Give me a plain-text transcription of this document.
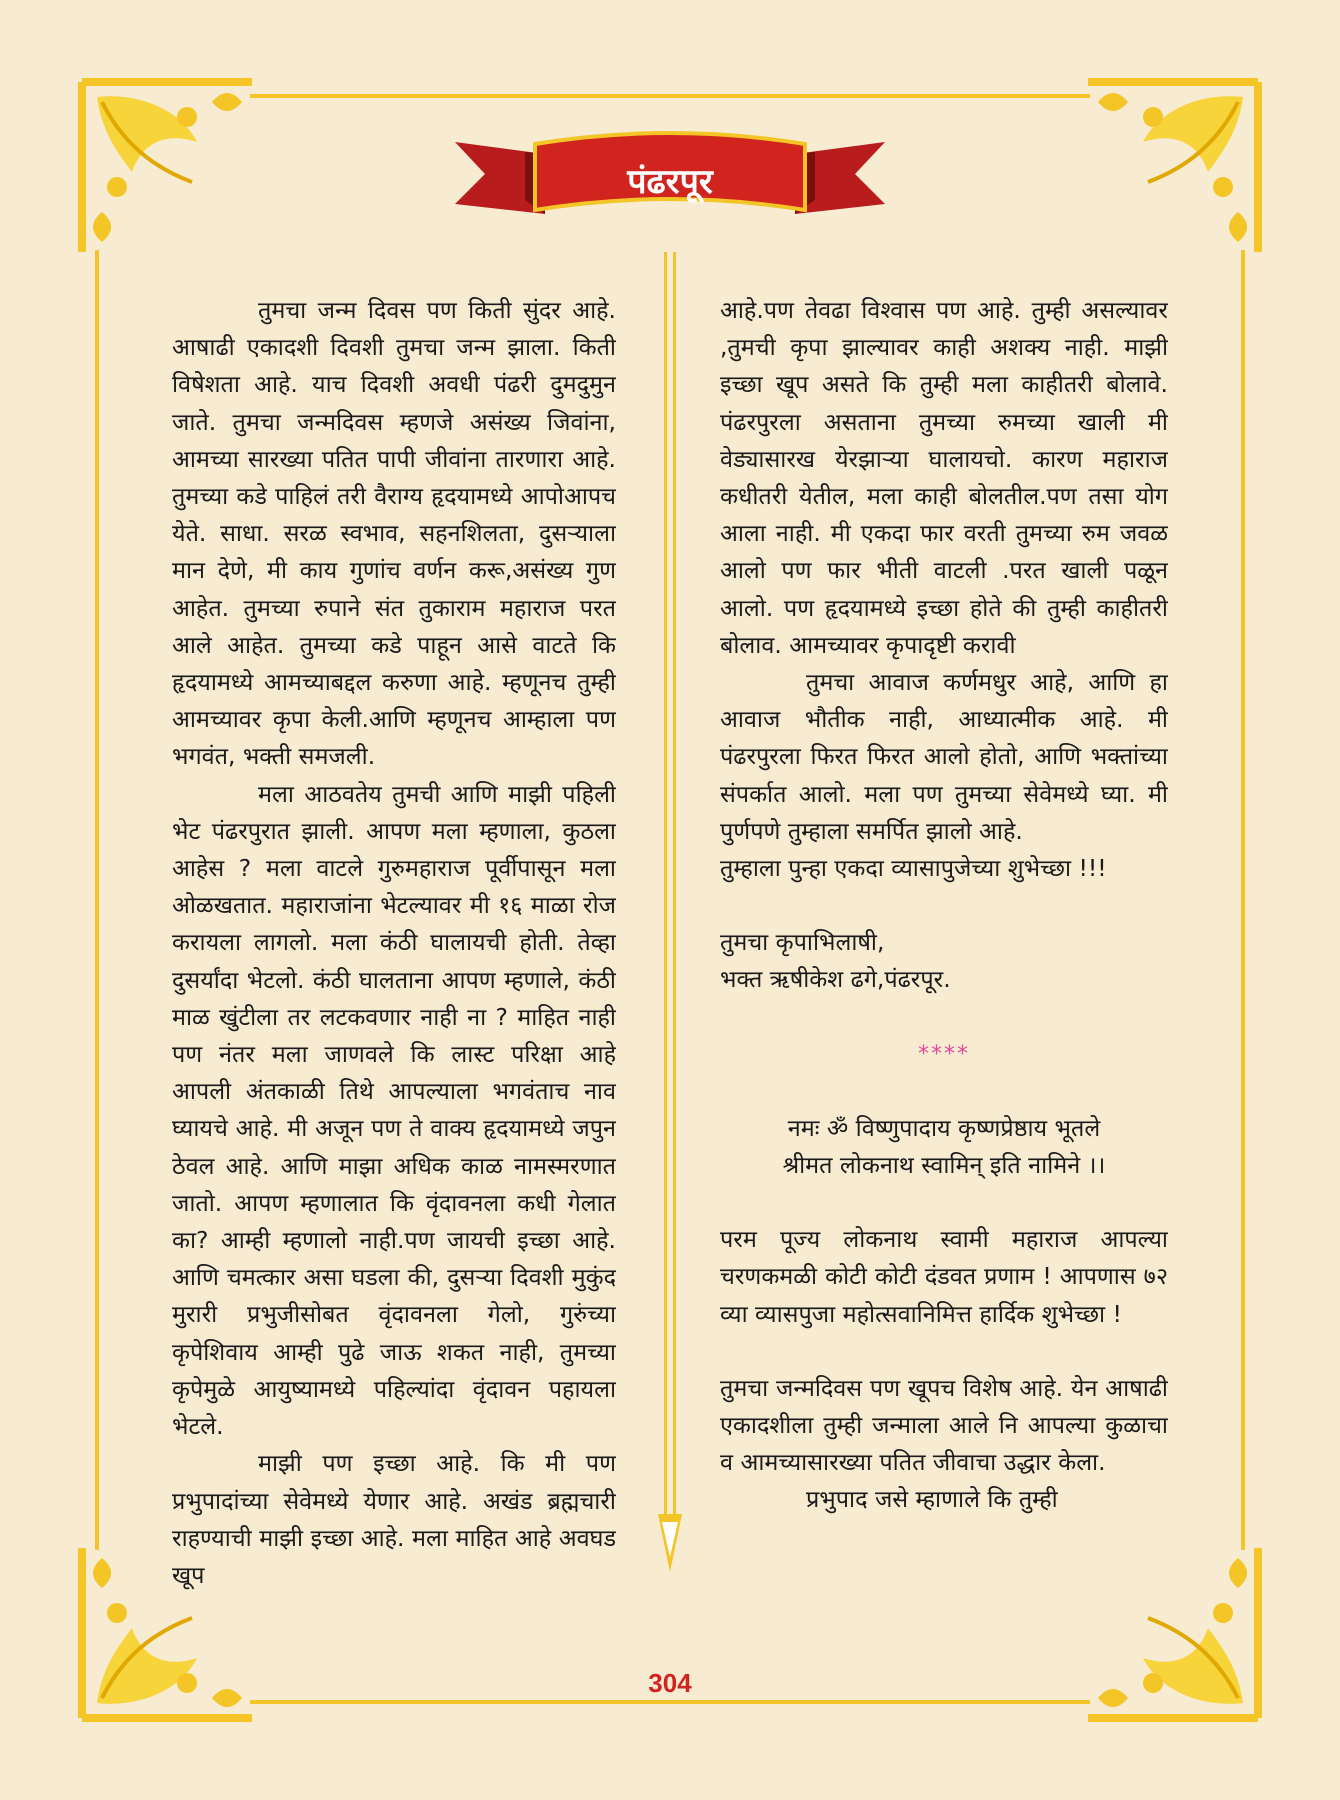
पंढरपूर

तुमचा जन्म दिवस पण किती सुंदर आहे. आषाढी एकादशी दिवशी तुमचा जन्म झाला. किती विषेशता आहे. याच दिवशी अवधी पंढरी दुमदुमुन जाते. तुमचा जन्मदिवस म्हणजे असंख्य जिवांना, आमच्या सारख्या पतित पापी जीवांना तारणारा आहे. तुमच्या कडे पाहिलं तरी वैराग्य हृदयामध्ये आपोआपच येते. साधा. सरळ स्वभाव, सहनशिलता, दुसऱ्याला मान देणे, मी काय गुणांच वर्णन करू,असंख्य गुण आहेत. तुमच्या रुपाने संत तुकाराम महाराज परत आले आहेत. तुमच्या कडे पाहून आसे वाटते कि हृदयामध्ये आमच्याबद्दल करुणा आहे. म्हणूनच तुम्ही आमच्यावर कृपा केली.आणि म्हणूनच आम्हाला पण भगवंत, भक्ती समजली.

मला आठवतेय तुमची आणि माझी पहिली भेट पंढरपुरात झाली. आपण मला म्हणाला, कुठला आहेस ? मला वाटले गुरुमहाराज पूर्वीपासून मला ओळखतात. महाराजांना भेटल्यावर मी १६ माळा रोज करायला लागलो. मला कंठी घालायची होती. तेव्हा दुसर्यांदा भेटलो. कंठी घालताना आपण म्हणाले, कंठी माळ खुंटीला तर लटकवणार नाही ना ? माहित नाही पण नंतर मला जाणवले कि लास्ट परिक्षा आहे आपली अंतकाळी तिथे आपल्याला भगवंताच नाव घ्यायचे आहे. मी अजून पण ते वाक्य हृदयामध्ये जपुन ठेवल आहे. आणि माझा अधिक काळ नामस्मरणात जातो. आपण म्हणालात कि वृंदावनला कधी गेलात का? आम्ही म्हणालो नाही.पण जायची इच्छा आहे. आणि चमत्कार असा घडला की, दुसऱ्या दिवशी मुकुंद मुरारी प्रभुजीसोबत वृंदावनला गेलो, गुरुंच्या कृपेशिवाय आम्ही पुढे जाऊ शकत नाही, तुमच्या कृपेमुळे आयुष्यामध्ये पहिल्यांदा वृंदावन पहायला भेटले.

माझी पण इच्छा आहे. कि मी पण प्रभुपादांच्या सेवेमध्ये येणार आहे. अखंड ब्रह्मचारी राहण्याची माझी इच्छा आहे. मला माहित आहे अवघड खूप

आहे.पण तेवढा विश्वास पण आहे. तुम्ही असल्यावर ,तुमची कृपा झाल्यावर काही अशक्य नाही. माझी इच्छा खूप असते कि तुम्ही मला काहीतरी बोलावे. पंढरपुरला असताना तुमच्या रुमच्या खाली मी वेड्यासारख येरझाऱ्या घालायचो. कारण महाराज कधीतरी येतील, मला काही बोलतील.पण तसा योग आला नाही. मी एकदा फार वरती तुमच्या रुम जवळ आलो पण फार भीती वाटली .परत खाली पळून आलो. पण हृदयामध्ये इच्छा होते की तुम्ही काहीतरी बोलाव. आमच्यावर कृपादृष्टी करावी

तुमचा आवाज कर्णमधुर आहे, आणि हा आवाज भौतीक नाही, आध्यात्मीक आहे. मी पंढरपुरला फिरत फिरत आलो होतो, आणि भक्तांच्या संपर्कात आलो. मला पण तुमच्या सेवेमध्ये घ्या. मी पुर्णपणे तुम्हाला समर्पित झालो आहे.

तुम्हाला पुन्हा एकदा व्यासापुजेच्या शुभेच्छा !!!

तुमचा कृपाभिलाषी,

भक्त ऋषीकेश ढगे,पंढरपूर.

****

नमः ॐ विष्णुपादाय कृष्णप्रेष्ठाय भूतले

श्रीमत लोकनाथ स्वामिन् इति नामिने ।।

परम पूज्य लोकनाथ स्वामी महाराज आपल्या चरणकमळी कोटी कोटी दंडवत प्रणाम ! आपणास ७२ व्या व्यासपुजा महोत्सवानिमित्त हार्दिक शुभेच्छा !

तुमचा जन्मदिवस पण खूपच विशेष आहे. येन आषाढी एकादशीला तुम्ही जन्माला आले नि आपल्या कुळाचा व आमच्यासारख्या पतित जीवाचा उद्धार केला.

प्रभुपाद जसे म्हाणाले कि तुम्ही

304
